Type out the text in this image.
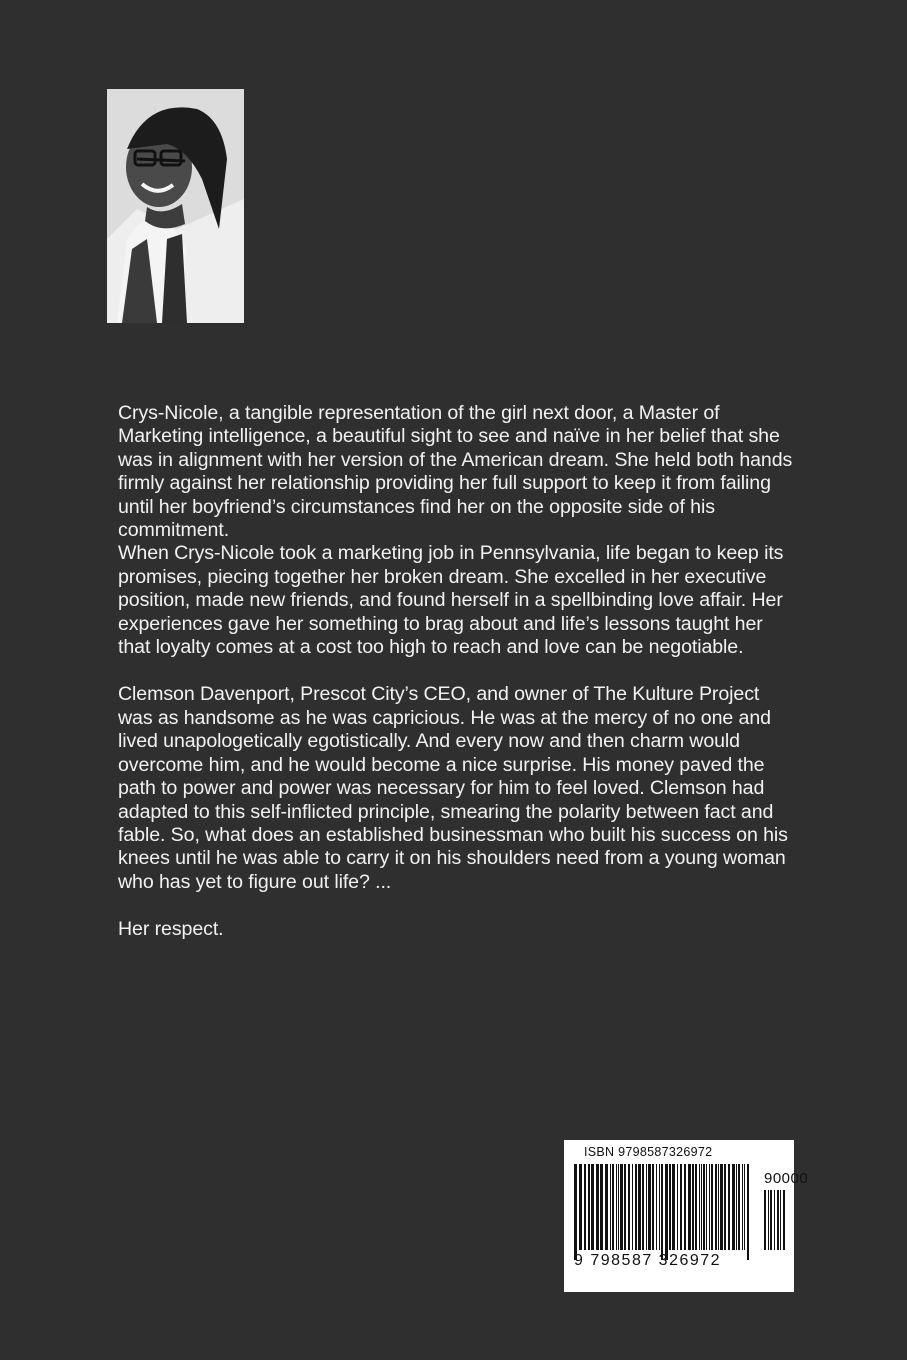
Crys-Nicole, a tangible representation of the girl next door, a Master of Marketing intelligence, a beautiful sight to see and naïve in her belief that she was in alignment with her version of the American dream. She held both hands firmly against her relationship providing her full support to keep it from failing until her boyfriend’s circumstances find her on the opposite side of his commitment.
When Crys-Nicole took a marketing job in Pennsylvania, life began to keep its promises, piecing together her broken dream. She excelled in her executive position, made new friends, and found herself in a spellbinding love affair. Her experiences gave her something to brag about and life’s lessons taught her that loyalty comes at a cost too high to reach and love can be negotiable.

Clemson Davenport, Prescot City’s CEO, and owner of The Kulture Project was as handsome as he was capricious. He was at the mercy of no one and lived unapologetically egotistically. And every now and then charm would overcome him, and he would become a nice surprise. His money paved the path to power and power was necessary for him to feel loved. Clemson had adapted to this self-inflicted principle, smearing the polarity between fact and fable. So, what does an established businessman who built his success on his knees until he was able to carry it on his shoulders need from a young woman who has yet to figure out life? ...

Her respect.

ISBN 9798587326972
90000
9 798587 326972
